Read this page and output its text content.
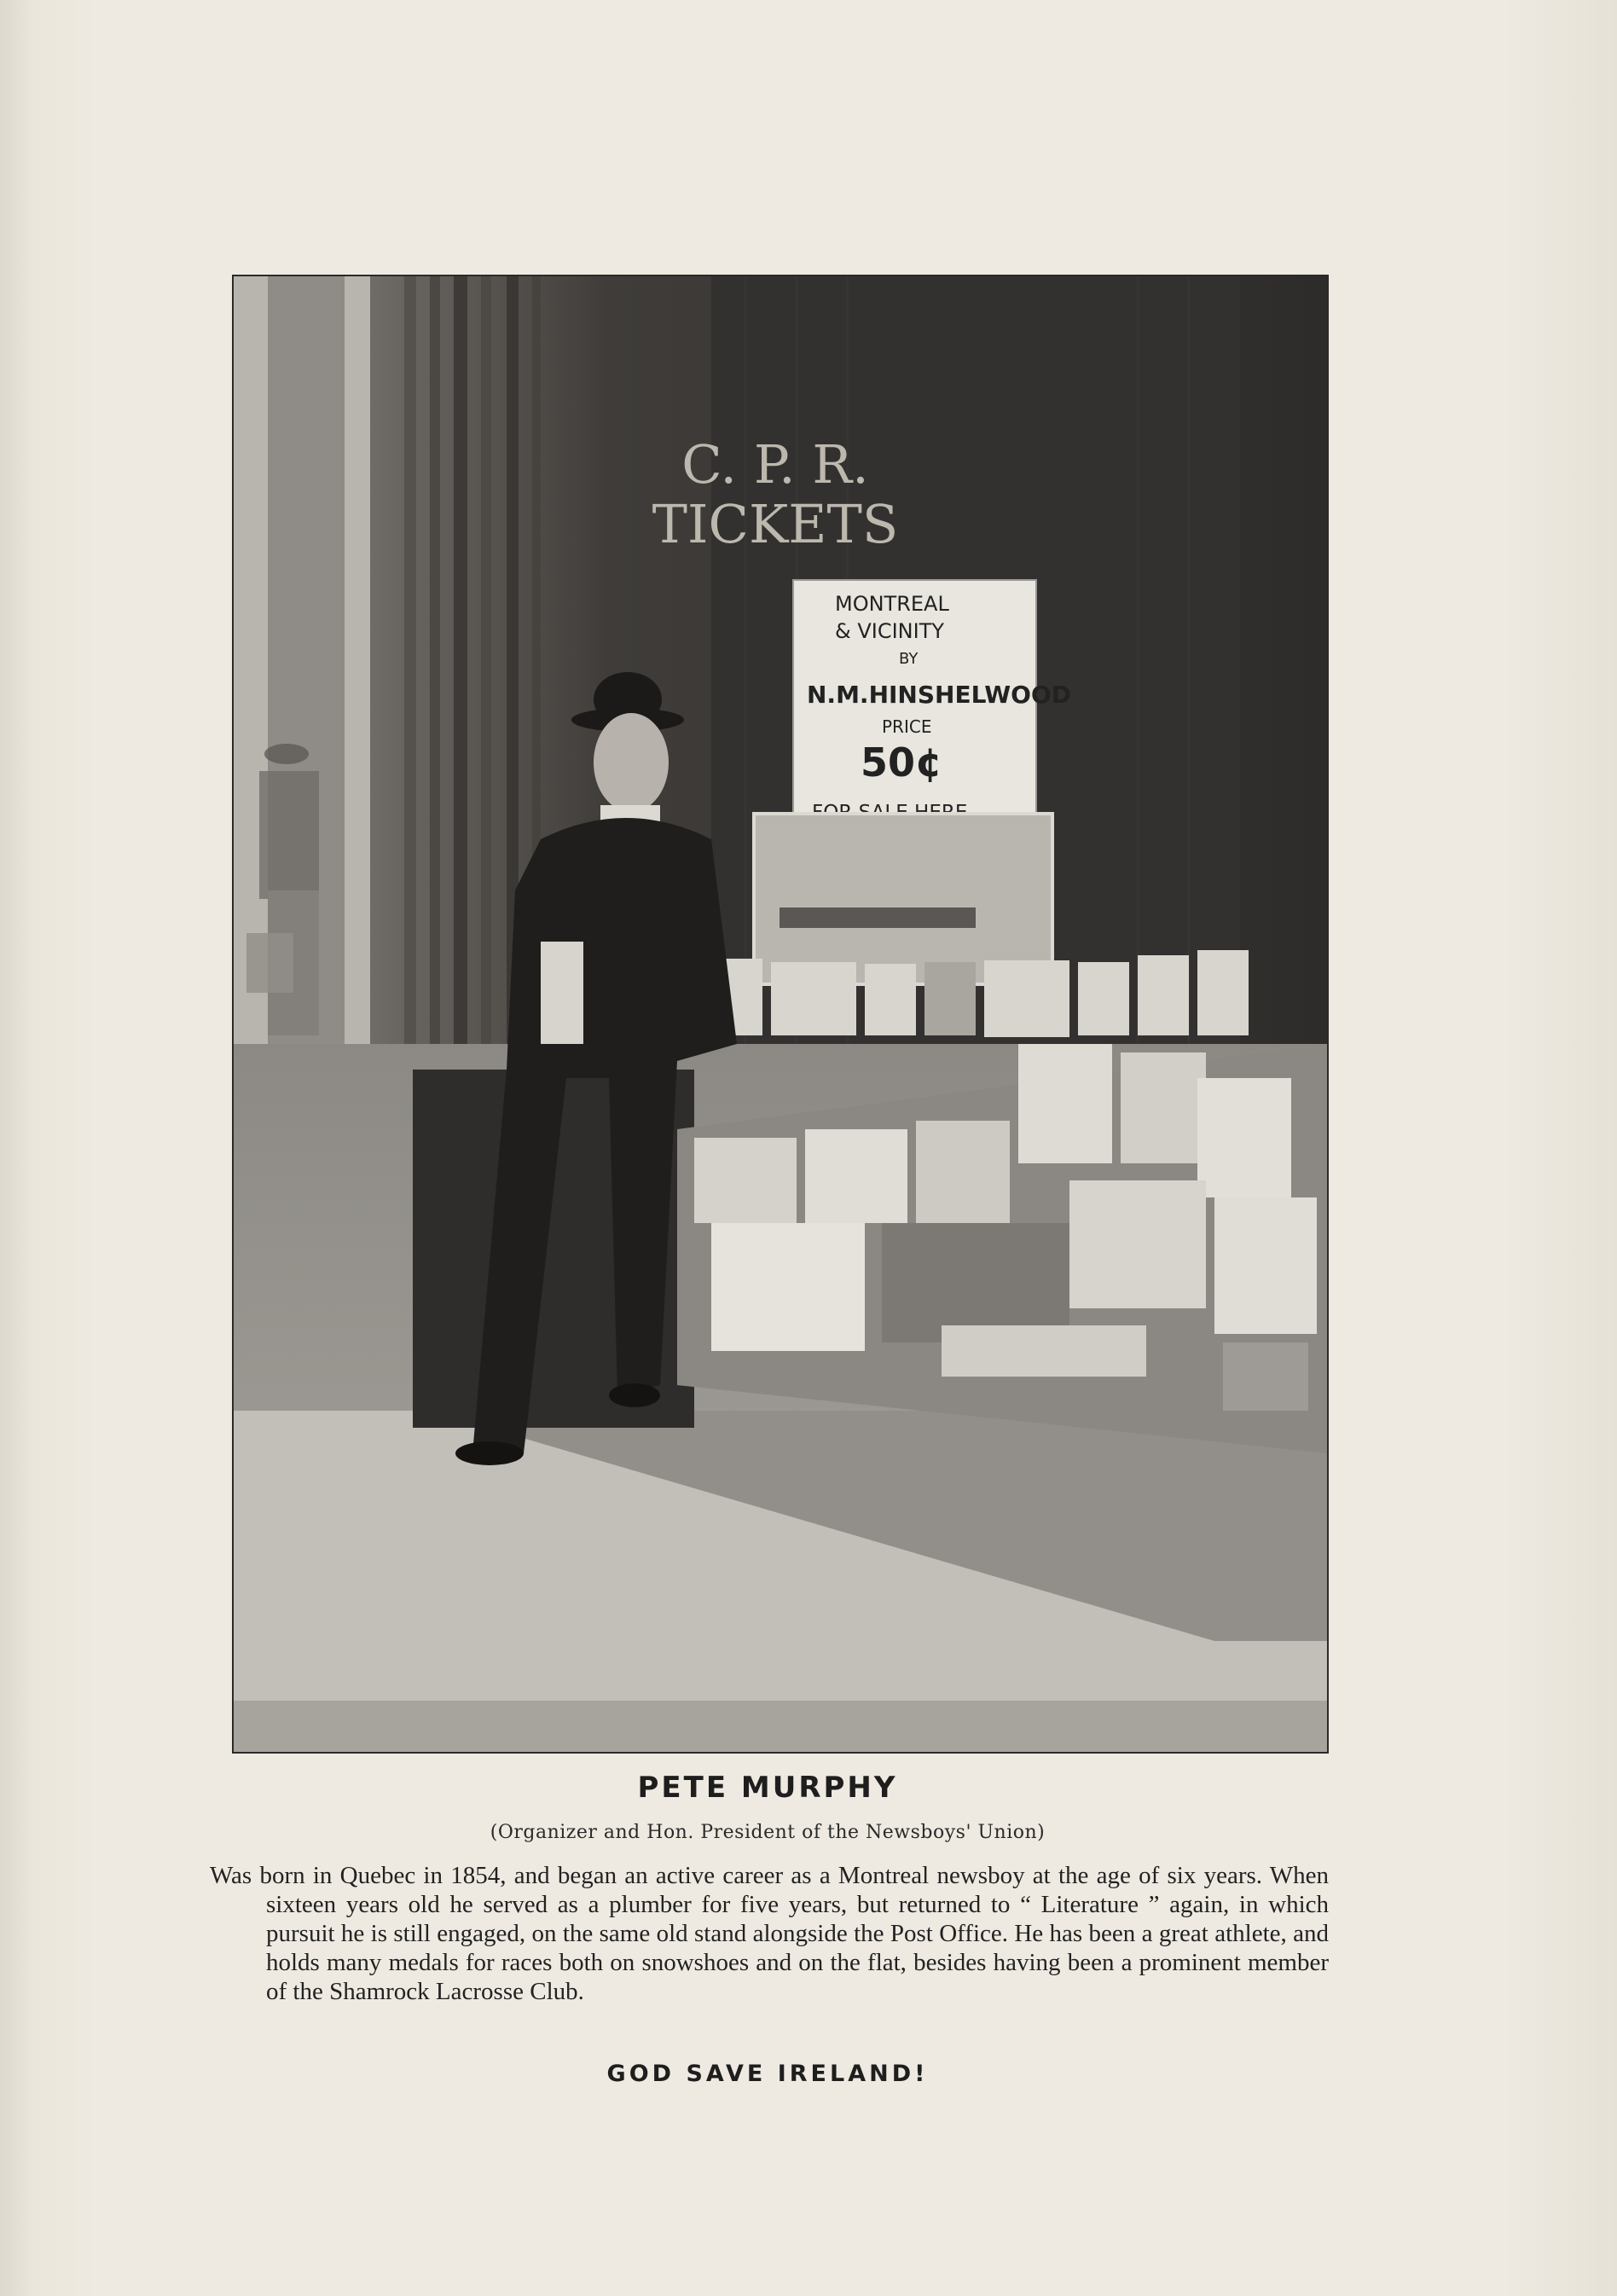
C. P. R.
TICKETS
MONTREAL
& VICINITY
BY
N.M.HINSHELWOOD
PRICE
50¢
PETE MURPHY
(Organizer and Hon. President of the Newsboys' Union)
Was born in Quebec in 1854, and began an active career as a Montreal newsboy at the age of six years. When sixteen years old he served as a plumber for five years, but returned to “ Literature ” again, in which pursuit he is still engaged, on the same old stand alongside the Post Office. He has been a great athlete, and holds many medals for races both on snowshoes and on the flat, besides having been a prominent member of the Shamrock Lacrosse Club.
GOD SAVE IRELAND!
